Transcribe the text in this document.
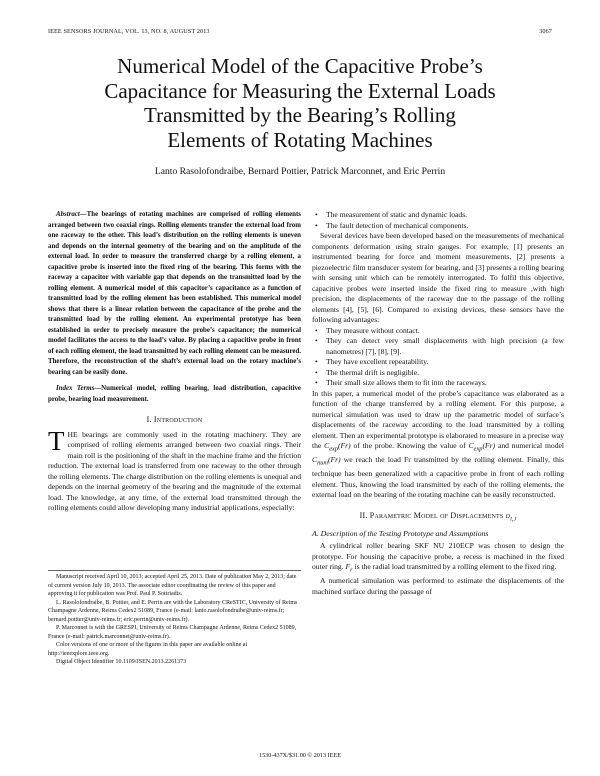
IEEE SENSORS JOURNAL, VOL. 13, NO. 8, AUGUST 2013	3067
Numerical Model of the Capacitive Probe’s
Capacitance for Measuring the External Loads
Transmitted by the Bearing’s Rolling
Elements of Rotating Machines
Lanto Rasolofondraibe, Bernard Pottier, Patrick Marconnet, and Eric Perrin

Abstract—The bearings of rotating machines are comprised of rolling elements arranged between two coaxial rings. Rolling elements transfer the external load from one raceway to the other. This load’s distribution on the rolling elements is uneven and depends on the internal geometry of the bearing and on the amplitude of the external load. In order to measure the transferred charge by a rolling element, a capacitive probe is inserted into the fixed ring of the bearing. This forms with the raceway a capacitor with variable gap that depends on the transmitted load by the rolling element. A numerical model of this capacitor’s capacitance as a function of transmitted load by the rolling element has been established. This numerical model shows that there is a linear relation between the capacitance of the probe and the transmitted load by the rolling element. An experimental prototype has been established in order to precisely measure the probe’s capacitance; the numerical model facilitates the access to the load’s value. By placing a capacitive probe in front of each rolling element, the load transmitted by each rolling element can be measured. Therefore, the reconstruction of the shaft’s external load on the rotary machine’s bearing can be easily done.

Index Terms—Numerical model, rolling bearing, load distribution, capacitive probe, bearing load measurement.

I. Introduction

THE bearings are commonly used in the rotating machinery. They are comprised of rolling elements arranged between two coaxial rings. Their main roll is the positioning of the shaft in the machine frame and the friction reduction. The external load is transferred from one raceway to the other through the rolling elements. The charge distribution on the rolling elements is unequal and depends on the internal geometry of the bearing and the magnitude of the external load. The knowledge, at any time, of the external load transmitted through the rolling elements could allow developing many industrial applications, especially:

Manuscript received April 10, 2013; accepted April 25, 2013. Date of publication May 2, 2013; date of current version July 10, 2013. The associate editor coordinating the review of this paper and approving it for publication was Prof. Paul P. Sotiriadis.

L. Rasolofondraibe, B. Pottier, and E. Perrin are with the Laboratory CReSTIC, University of Reims Champagne Ardenne, Reims Cedex2 51089, France (e-mail: lanto.rasolofondraibe@univ-reims.fr; bernard.pottier@univ-reims.fr; eric.perrin@univ-reims.fr).

P. Marconnet is with the GRESPI, University of Reims Champagne Ardenne, Reims Cedex2 51089, France (e-mail: patrick.marconnet@univ-reims.fr).

Color versions of one or more of the figures in this paper are available online at http://ieeexplore.ieee.org.

Digital Object Identifier 10.1109/JSEN.2013.2261373

• The measurement of static and dynamic loads.
• The fault detection of mechanical components.

Several devices have been developed based on the measurements of mechanical components deformation using strain gauges. For example, [1] presents an instrumented bearing for force and moment measurements, [2] presents a piezoelectric film transducer system for bearing, and [3] presents a rolling bearing with sensing unit which can be remotely interrogated. To fulfil this objective, capacitive probes were inserted inside the fixed ring to measure ,with high precision, the displacements of the raceway due to the passage of the rolling elements [4], [5], [6]. Compared to existing devices, these sensors have the following advantages:

• They measure without contact.
• They can detect very small displacements with high precision (a few nanometres) [7], [8], [9].
• They have excellent repeatability.
• The thermal drift is negligible.
• Their small size allows them to fit into the raceways.

In this paper, a numerical model of the probe’s capacitance was elaborated as a function of the charge transferred by a rolling element. For this purpose, a numerical simulation was used to draw up the parametric model of surface’s displacements of the raceway according to the load transmitted by a rolling element. Then an experimental prototype is elaborated to measure in a precise way the $C_{exp}(Fr)$ of the probe. Knowing the value of $C_{exp}(Fr)$ and numerical model $C_{num}(Fr)$ we reach the load Fr transmitted by the rolling element. Finally, this technique has been generalized with a capacitive probe in front of each rolling element. Thus, knowing the load transmitted by each of the rolling elements, the external load on the bearing of the rotating machine can be easily reconstructed.

II. Parametric Model of Displacements $d_{i,j}$
A. Description of the Testing Prototype and Assumptions

A cylindrical roller bearing SKF NU 210ECP was chosen to design the prototype. For housing the capacitive probe, a recess is machined in the fixed outer ring. $F_r$ is the radial load transmitted by a rolling element to the fixed ring.

A numerical simulation was performed to estimate the displacements of the machined surface during the passage of

1530-437X/$31.00 © 2013 IEEE
